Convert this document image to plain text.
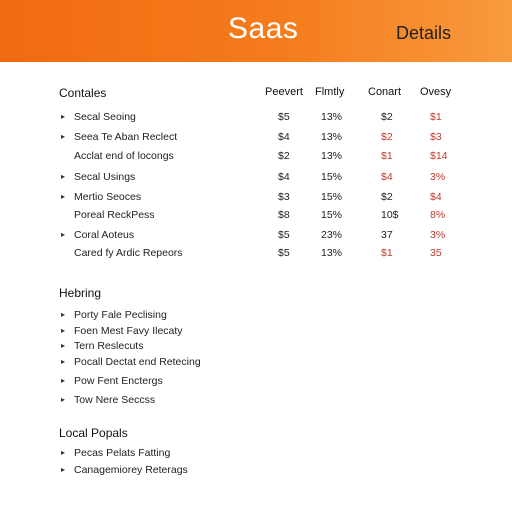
Saas	Details
Contales	Peevert Flmtly Conart Ovesy
▸ Secal Seoing	$5	13%	$2	$1
▸ Seea Te Aban Reclect	$4	13%	$2	$3
Acclat end of locongs	$2	13%	$1	$14
▸ Secal Usings	$4	15%	$4	3%
▸ Mertio Seoces	$3	15%	$2	$4
Poreal ReckPess	$8	15%	10$	8%
▸ Coral Aoteus	$5	23%	37	3%
Cared fy Ardic Repeors	$5	13%	$1	35
Hebring
▸ Porty Fale Peclising
▸ Foen Mest Favy Ilecaty
▸ Tern Reslecuts
▸ Pocall Dectat end Retecing
▸ Pow Fent Enctergs
▸ Tow Nere Seccss
Local Popals
▸ Pecas Pelats Fatting
▸ Canagemiorey Reterags
